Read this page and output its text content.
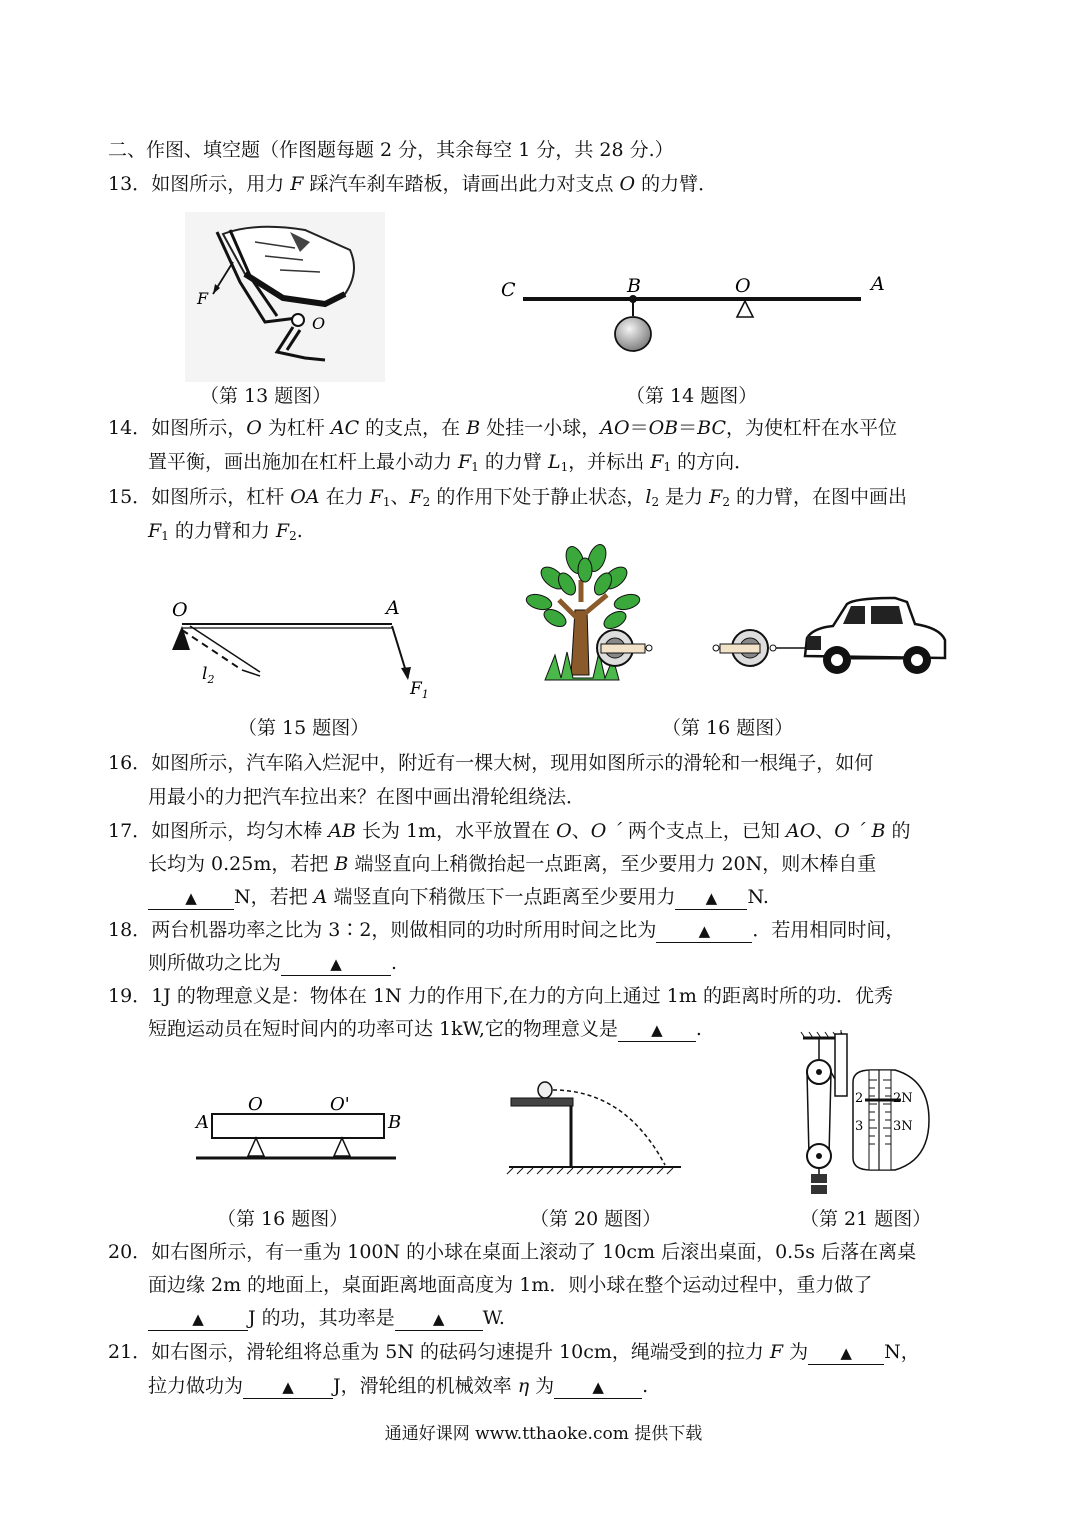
二、作图、填空题（作图题每题 2 分，其余每空 1 分，共 28 分.）
13．如图所示，用力 F 踩汽车刹车踏板，请画出此力对支点 O 的力臂．
F
O
（第 13 题图）
C	B	O	A
（第 14 题图）
14．如图所示，O 为杠杆 AC 的支点，在 B 处挂一小球，AO＝OB＝BC，为使杠杆在水平位
置平衡，画出施加在杠杆上最小动力 $F_1$ 的力臂 $L_1$，并标出 $F_1$ 的方向．
15．如图所示，杠杆 OA 在力 $F_1$、$F_2$ 的作用下处于静止状态，$l_2$ 是力 $F_2$ 的力臂，在图中画出
$F_1$ 的力臂和力 $F_2$.
O	A
$l_2$	$F_1$
（第 15 题图）	（第 16 题图）
16．如图所示，汽车陷入烂泥中，附近有一棵大树，现用如图所示的滑轮和一根绳子，如何
用最小的力把汽车拉出来？在图中画出滑轮组绕法．
17．如图所示，均匀木棒 AB 长为 1m，水平放置在 O、O ´ 两个支点上，已知 AO、O ´ B 的
长均为 0.25m，若把 B 端竖直向上稍微抬起一点距离，至少要用力 20N，则木棒自重
▲ N，若把 A 端竖直向下稍微压下一点距离至少要用力 ▲ N.
18．两台机器功率之比为 3∶2，则做相同的功时所用时间之比为	▲ ．若用相同时间，
则所做功之比为	▲	.
19．1J 的物理意义是：物体在 1N 力的作用下,在力的方向上通过 1m 的距离时所的功．优秀
短跑运动员在短时间内的功率可达 1kW,它的物理意义是 ▲ .
A
O	O'
B
（第 16 题图）	（第 20 题图）
2
3
2N
3N
（第 21 题图）
20．如右图所示，有一重为 100N 的小球在桌面上滚动了 10cm 后滚出桌面，0.5s 后落在离桌
面边缘 2m 的地面上，桌面距离地面高度为 1m．则小球在整个运动过程中，重力做了
▲ J 的功，其功率是	▲ W.
21．如右图示，滑轮组将总重为 5N 的砝码匀速提升 10cm，绳端受到的拉力 F 为 ▲ N，
拉力做功为	▲ J，滑轮组的机械效率 η 为	▲ .
通通好课网 www.tthaoke.com 提供下载
